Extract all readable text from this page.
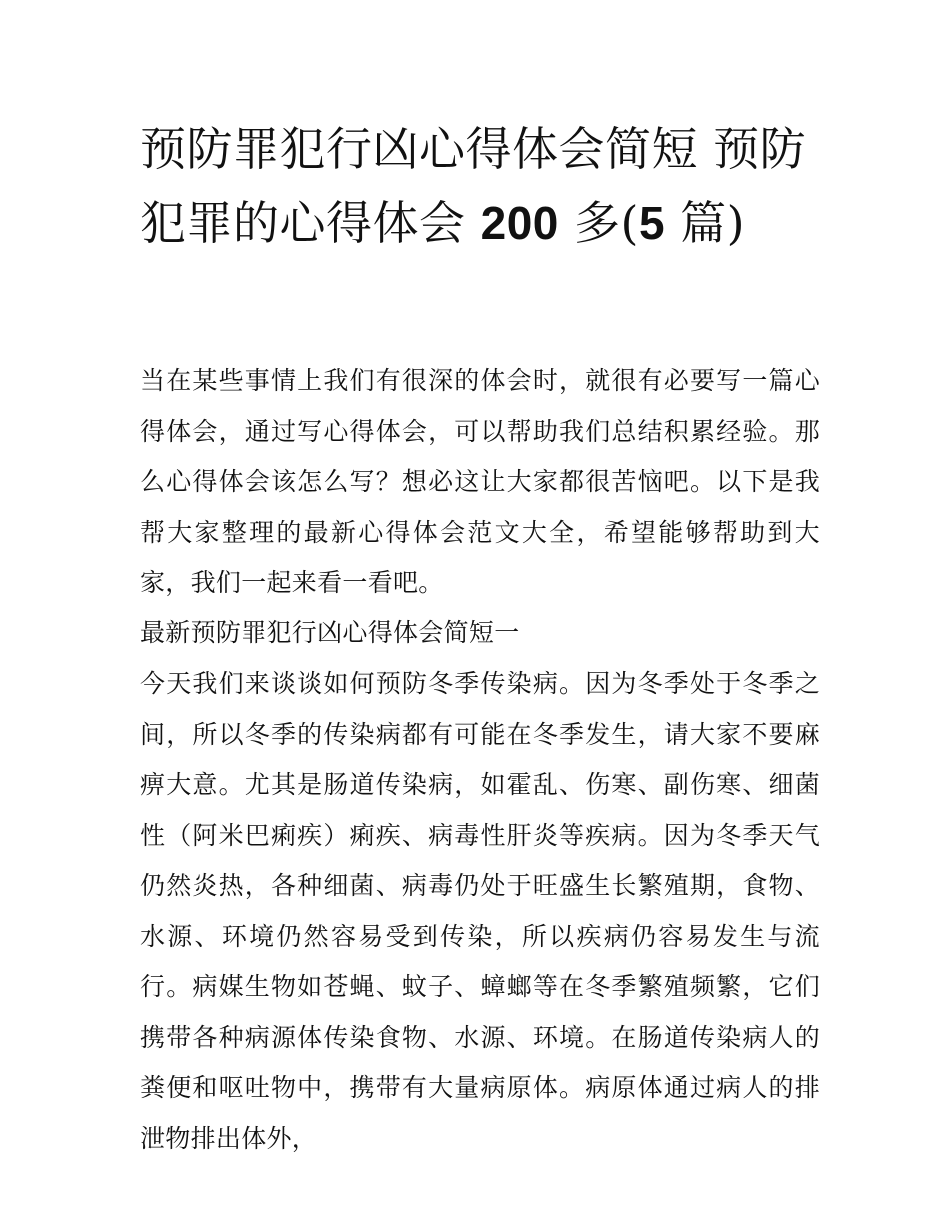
预防罪犯行凶心得体会简短 预防犯罪的心得体会 200 多(5 篇)

当在某些事情上我们有很深的体会时，就很有必要写一篇心得体会，通过写心得体会，可以帮助我们总结积累经验。那么心得体会该怎么写？想必这让大家都很苦恼吧。以下是我帮大家整理的最新心得体会范文大全，希望能够帮助到大家，我们一起来看一看吧。

最新预防罪犯行凶心得体会简短一

今天我们来谈谈如何预防冬季传染病。因为冬季处于冬季之间，所以冬季的传染病都有可能在冬季发生，请大家不要麻痹大意。尤其是肠道传染病，如霍乱、伤寒、副伤寒、细菌性（阿米巴痢疾）痢疾、病毒性肝炎等疾病。因为冬季天气仍然炎热，各种细菌、病毒仍处于旺盛生长繁殖期，食物、水源、环境仍然容易受到传染，所以疾病仍容易发生与流行。病媒生物如苍蝇、蚊子、蟑螂等在冬季繁殖频繁，它们携带各种病源体传染食物、水源、环境。在肠道传染病人的粪便和呕吐物中，携带有大量病原体。病原体通过病人的排泄物排出体外，
